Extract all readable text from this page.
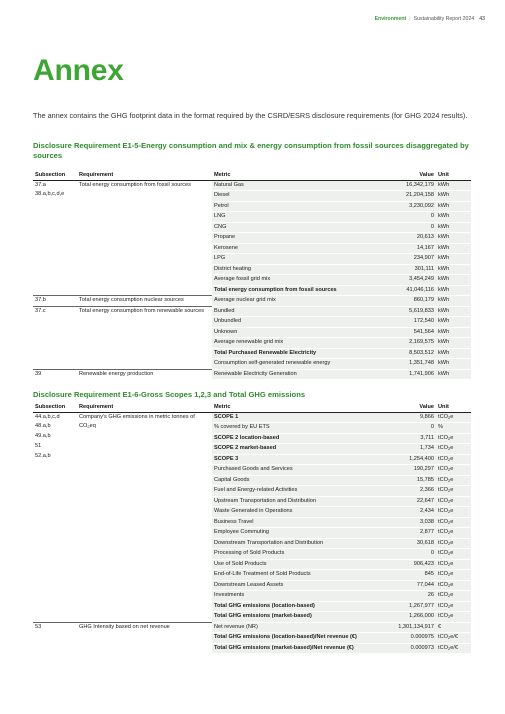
Environment | Sustainability Report 2024 43
Annex

The annex contains the GHG footprint data in the format required by the CSRD/ESRS disclosure requirements (for GHG 2024 results).

Disclosure Requirement E1-5-Energy consumption and mix & energy consumption from fossil sources disaggregated by sources
Subsection	Requirement	Metric	Value	Unit

37.a
38.a,b,c,d,e	Total energy consumption from fossil sources	Natural Gas	16,342,179	kWh
		Diesel	21,204,158	kWh
		Petrol	3,230,092	kWh
		LNG	0	kWh
		CNG	0	kWh
		Propane	20,613	kWh
		Kerosene	14,167	kWh
		LPG	234,907	kWh
		District heating	301,111	kWh
		Average fossil grid mix	3,454,249	kWh
		Total energy consumption from fossil sources	41,046,116	kWh

37.b	Total energy consumption nuclear sources	Average nuclear grid mix	860,179	kWh

37.c	Total energy consumption from renewable sources	Bundled	5,619,833	kWh
		Unbundled	172,540	kWh
		Unknown	541,564	kWh
		Average renewable grid mix	2,169,575	kWh
		Total Purchased Renewable Electricity	8,503,512	kWh
		Consumption self-generated renewable energy	1,351,748	kWh

39	Renewable energy production	Renewable Electricity Generation	1,741,906	kWh
Disclosure Requirement E1-6-Gross Scopes 1,2,3 and Total GHG emissions
Subsection	Requirement	Metric	Value	Unit

44.a,b,c,d
48.a,b
49.a,b
51
52.a,b	Company's GHG emissions in metric tonnes of $CO_2eq$	SCOPE 1	9,866	tCO$_2$e
		% covered by EU ETS	0	%
		SCOPE 2 location-based	3,711	tCO$_2$e
		SCOPE 2 market-based	1,734	tCO$_2$e
		SCOPE 3	1,254,400	tCO$_2$e
		Purchased Goods and Services	190,297	tCO$_2$e
		Capital Goods	15,785	tCO$_2$e
		Fuel and Energy-related Activities	2,366	tCO$_2$e
		Upstream Transportation and Distribution	22,647	tCO$_2$e
		Waste Generated in Operations	2,434	tCO$_2$e
		Business Travel	3,038	tCO$_2$e
		Employee Commuting	2,877	tCO$_2$e
		Downstream Transportation and Distribution	30,618	tCO$_2$e
		Processing of Sold Products	0	tCO$_2$e
		Use of Sold Products	906,423	tCO$_2$e
		End-of-Life Treatment of Sold Products	845	tCO$_2$e
		Downstream Leased Assets	77,044	tCO$_2$e
		Investments	26	tCO$_2$e
		Total GHG emissions (location-based)	1,267,977	tCO$_2$e
		Total GHG emissions (market-based)	1,266,000	tCO$_2$e

53	GHG Intensity based on net revenue	Net revenue (NR)	1,301,134,917	€
		Total GHG emissions (location-based)/Net revenue (€)	0.000975	tCO$_2$e/€
		Total GHG emissions (market-based)/Net revenue (€)	0.000973	tCO$_2$e/€
